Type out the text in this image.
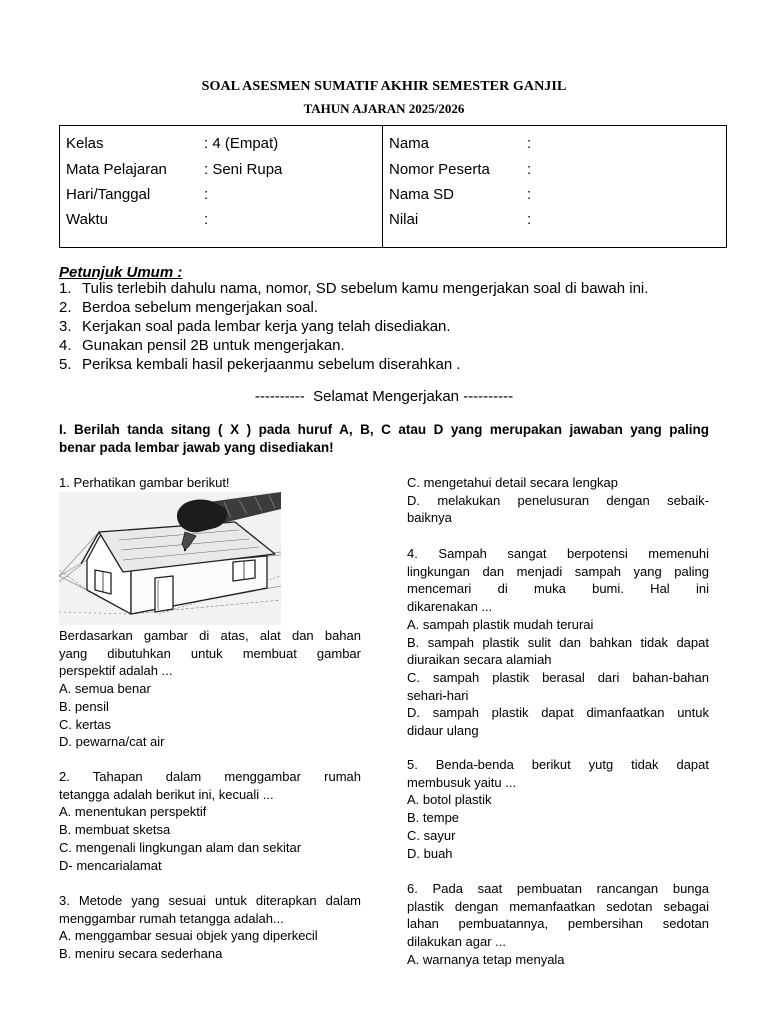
SOAL ASESMEN SUMATIF AKHIR SEMESTER GANJIL
TAHUN AJARAN 2025/2026
Kelas	: 4 (Empat)
Mata Pelajaran : Seni Rupa
Hari/Tanggal	:
Waktu	:
Nama	:
Nomor Peserta :
Nama SD	:
Nilai	:
Petunjuk Umum :
1. Tulis terlebih dahulu nama, nomor, SD sebelum kamu mengerjakan soal di bawah ini.
2. Berdoa sebelum mengerjakan soal.
3. Kerjakan soal pada lembar kerja yang telah disediakan.
4. Gunakan pensil 2B untuk mengerjakan.
5. Periksa kembali hasil pekerjaanmu sebelum diserahkan .
----------  Selamat Mengerjakan ----------
I. Berilah tanda sitang ( X ) pada huruf A, B, C atau D yang merupakan jawaban yang paling
benar pada lembar jawab yang disediakan!
1. Perhatikan gambar berikut!
Berdasarkan gambar di atas, alat dan bahan
yang dibutuhkan untuk membuat gambar
perspektif adalah ...
A. semua benar
B. pensil
C. kertas
D. pewarna/cat air
2. Tahapan dalam menggambar rumah
tetangga adalah berikut ini, kecuali ...
A. menentukan perspektif
B. membuat sketsa
C. mengenali lingkungan alam dan sekitar
D- mencarialamat
3. Metode yang sesuai untuk diterapkan dalam
menggambar rumah tetangga adalah...
A. menggambar sesuai objek yang diperkecil
B. meniru secara sederhana
C. mengetahui detail secara lengkap
D. melakukan penelusuran dengan sebaik-
baiknya
4. Sampah sangat berpotensi memenuhi
lingkungan dan menjadi sampah yang paling
mencemari di muka bumi. Hal ini
dikarenakan ...
A. sampah plastik mudah terurai
B. sampah plastik sulit dan bahkan tidak dapat
diuraikan secara alamiah
C. sampah plastik berasal dari bahan-bahan
sehari-hari
D. sampah plastik dapat dimanfaatkan untuk
didaur ulang
5. Benda-benda berikut yutg tidak dapat
membusuk yaitu ...
A. botol plastik
B. tempe
C. sayur
D. buah
6. Pada saat pembuatan rancangan bunga
plastik dengan memanfaatkan sedotan sebagai
lahan pembuatannya, pembersihan sedotan
dilakukan agar ...
A. warnanya tetap menyala
